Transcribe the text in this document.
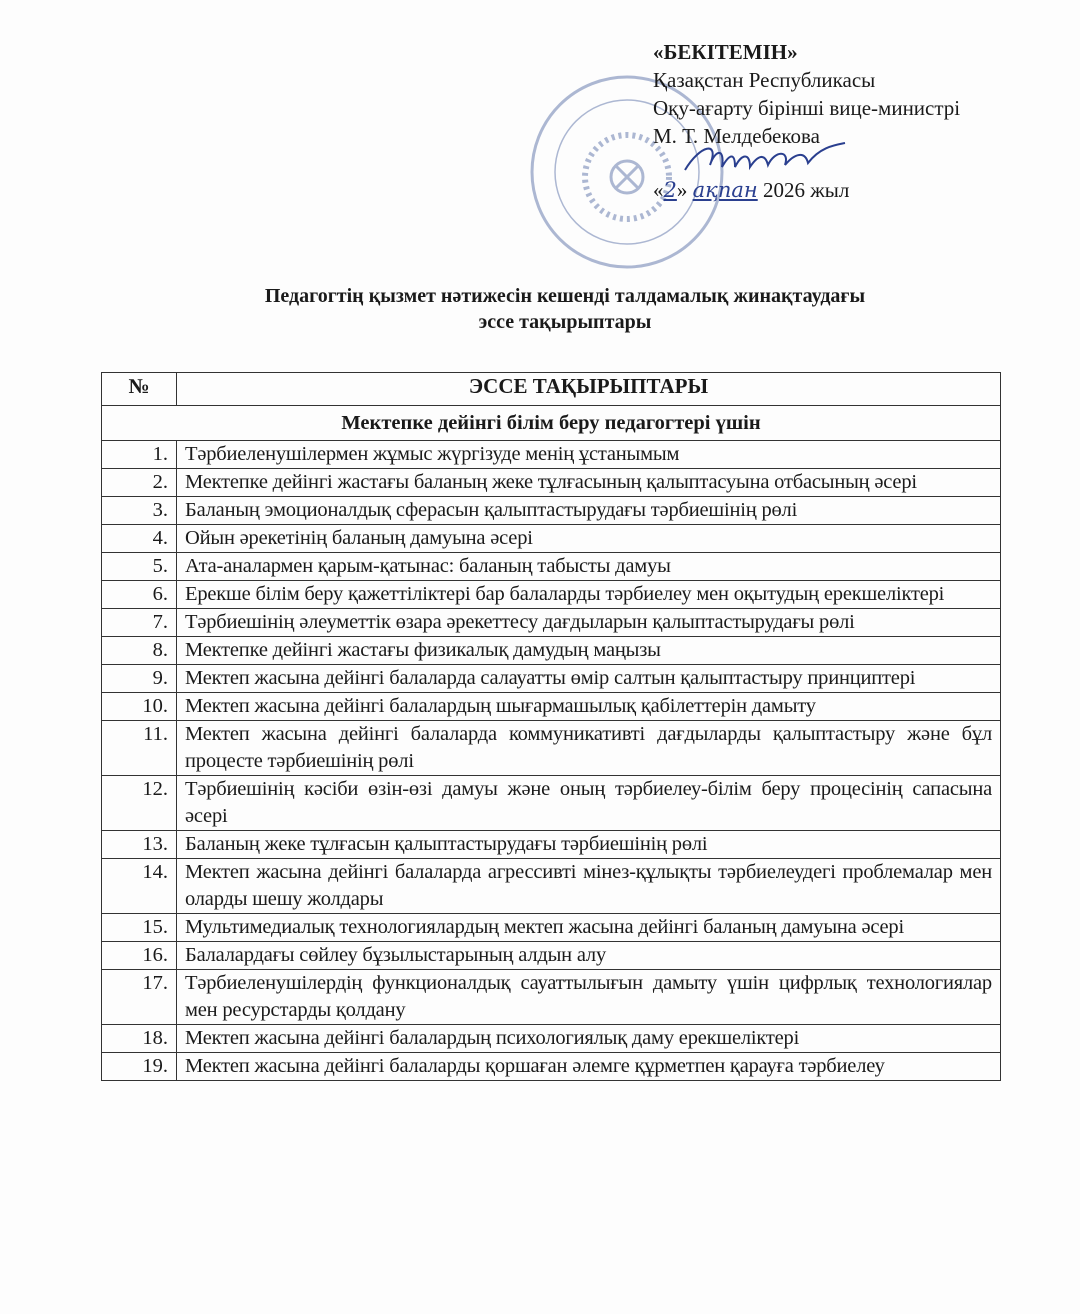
«БЕКІТЕМІН»
Қазақстан Республикасы
Оқу-ағарту бірінші вице-министрі
М. Т. Мелдебекова
«2» ақпан 2026 жыл
Педагогтің қызмет нәтижесін кешенді талдамалық жинақтаудағы
эссе тақырыптары
№	ЭССЕ ТАҚЫРЫПТАРЫ
Мектепке дейінгі білім беру педагогтері үшін	
1.	Тәрбиеленушілермен жұмыс жүргізуде менің ұстанымым
2.	Мектепке дейінгі жастағы баланың жеке тұлғасының қалыптасуына отбасының әсері
3.	Баланың эмоционалдық сферасын қалыптастырудағы тәрбиешінің рөлі
4.	Ойын әрекетінің баланың дамуына әсері
5.	Ата-аналармен қарым-қатынас: баланың табысты дамуы
6.	Ерекше білім беру қажеттіліктері бар балаларды тәрбиелеу мен оқытудың ерекшеліктері
7.	Тәрбиешінің әлеуметтік өзара әрекеттесу дағдыларын қалыптастырудағы рөлі
8.	Мектепке дейінгі жастағы физикалық дамудың маңызы
9.	Мектеп жасына дейінгі балаларда салауатты өмір салтын қалыптастыру принциптері
10.	Мектеп жасына дейінгі балалардың шығармашылық қабілеттерін дамыту
11.	Мектеп жасына дейінгі балаларда коммуникативті дағдыларды қалыптастыру және бұл процесте тәрбиешінің рөлі
12.	Тәрбиешінің кәсіби өзін-өзі дамуы және оның тәрбиелеу-білім беру процесінің сапасына әсері
13.	Баланың жеке тұлғасын қалыптастырудағы тәрбиешінің рөлі
14.	Мектеп жасына дейінгі балаларда агрессивті мінез-құлықты тәрбиелеудегі проблемалар мен оларды шешу жолдары
15.	Мультимедиалық технологиялардың мектеп жасына дейінгі баланың дамуына әсері
16.	Балалардағы сөйлеу бұзылыстарының алдын алу
17.	Тәрбиеленушілердің функционалдық сауаттылығын дамыту үшін цифрлық технологиялар мен ресурстарды қолдану
18.	Мектеп жасына дейінгі балалардың психологиялық даму ерекшеліктері
19.	Мектеп жасына дейінгі балаларды қоршаған әлемге құрметпен қарауға тәрбиелеу
